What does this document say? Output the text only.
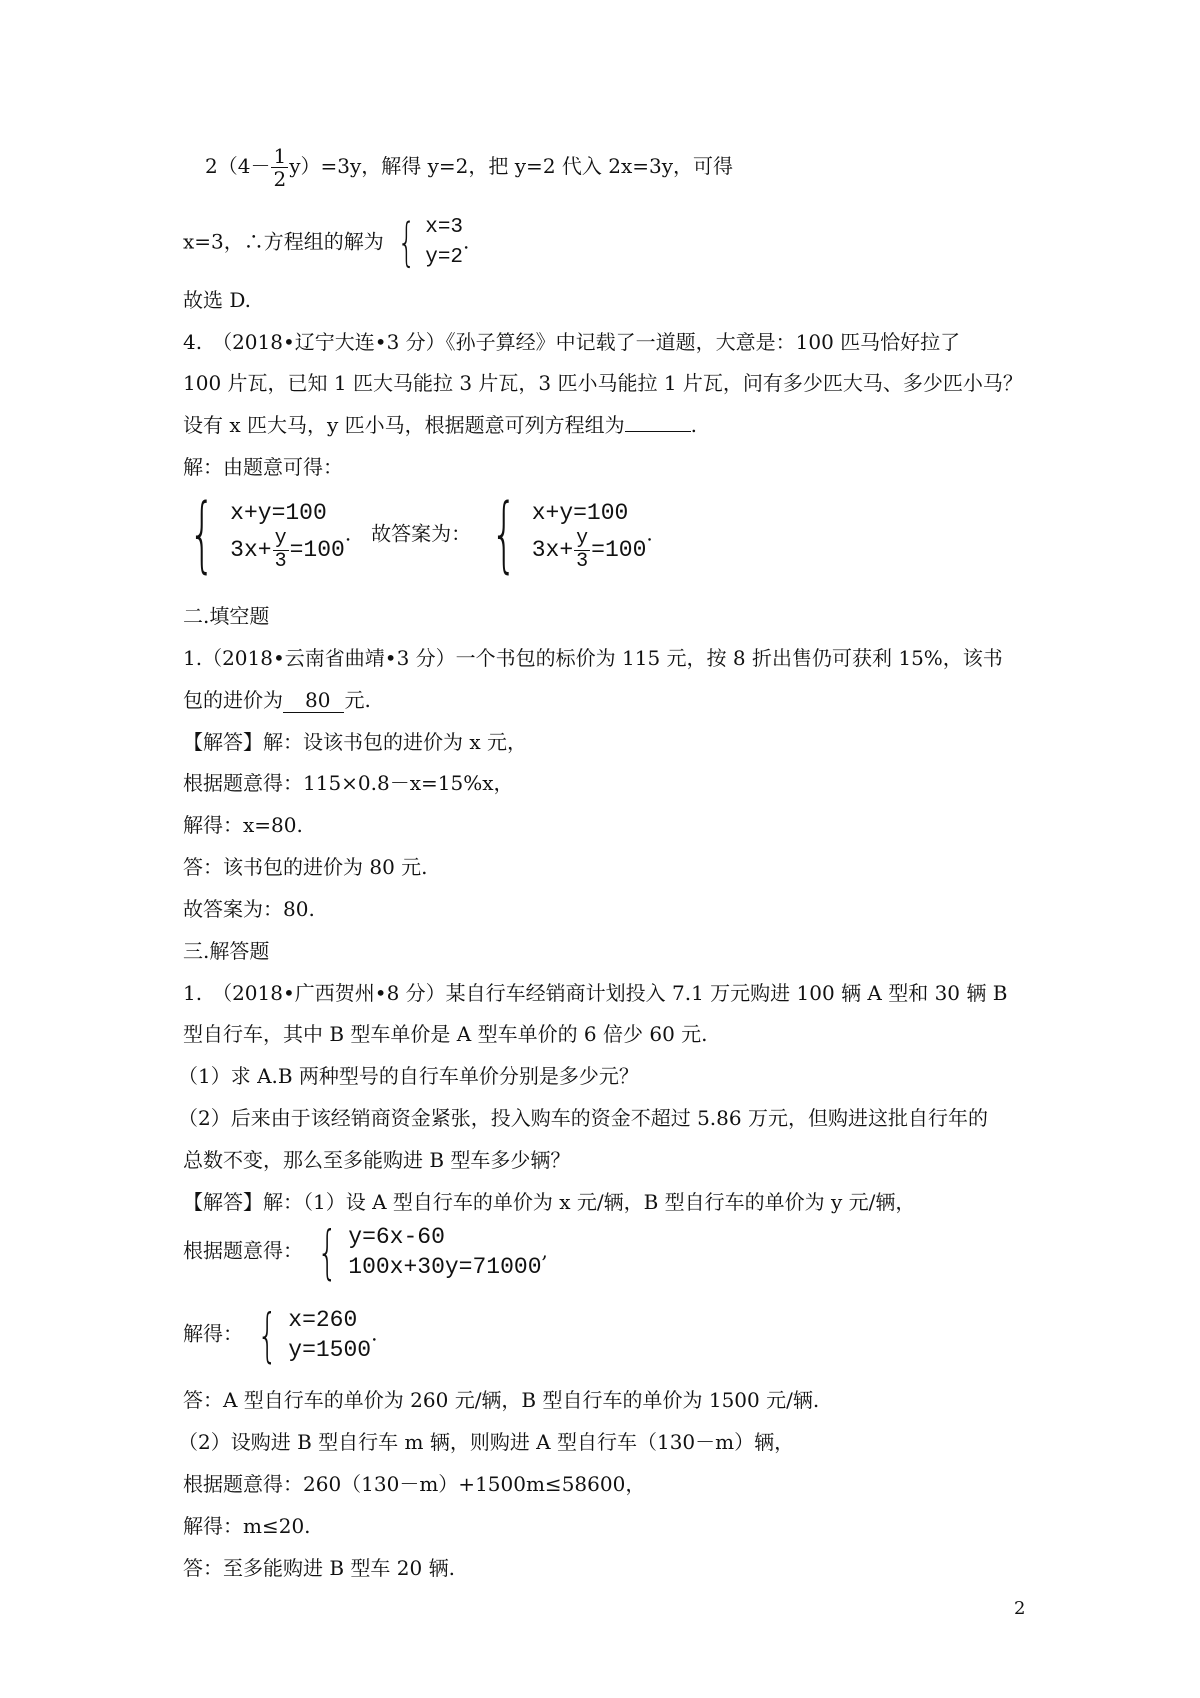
$2(4- \frac{1}{2} y)=3y$，解得 y=2，把 y=2 代入 2x=3y，可得
x=3，∴方程组的解为 { x=3
y=2
.
故选 D.
4.　（2018•辽宁大连•3 分）《孙子算经》中记载了一道题，大意是：100 匹马恰好拉了
100 片瓦，已知 1 匹大马能拉 3 片瓦，3 匹小马能拉 1 片瓦，问有多少匹大马、多少匹小马？
设有 x 匹大马，y 匹小马，根据题意可列方程组为	.
解：由题意可得：
{ x+y=100
$3x+ \frac{y}{3} =100$
.　故答案为： { x+y=100
$3x+ \frac{y}{3} =100$
.
二.填空题
1.（2018•云南省曲靖•3 分）一个书包的标价为 115 元，按 8 折出售仍可获利 15%，该书
包的进价为 80 元.
【解答】解：设该书包的进价为 x 元，
根据题意得：115×0.8－x=15%x，
解得：x=80.
答：该书包的进价为 80 元.
故答案为：80.
三.解答题
1.　（2018•广西贺州•8 分）某自行车经销商计划投入 7.1 万元购进 100 辆 A 型和 30 辆 B
型自行车，其中 B 型车单价是 A 型车单价的 6 倍少 60 元.
（1）求 A.B 两种型号的自行车单价分别是多少元？
（2）后来由于该经销商资金紧张，投入购车的资金不超过 5.86 万元，但购进这批自行年的
总数不变，那么至多能购进 B 型车多少辆？
【解答】解：（1）设 A 型自行车的单价为 x 元/辆，B 型自行车的单价为 y 元/辆，
根据题意得： { y=6x-60
100x+30y=71000
,
解得： { x=260
y=1500
.
答：A 型自行车的单价为 260 元/辆，B 型自行车的单价为 1500 元/辆.
（2）设购进 B 型自行车 m 辆，则购进 A 型自行车（130－m）辆，
根据题意得：260（130－m）+1500m≤58600，
解得：m≤20.
答：至多能购进 B 型车 20 辆.
2
